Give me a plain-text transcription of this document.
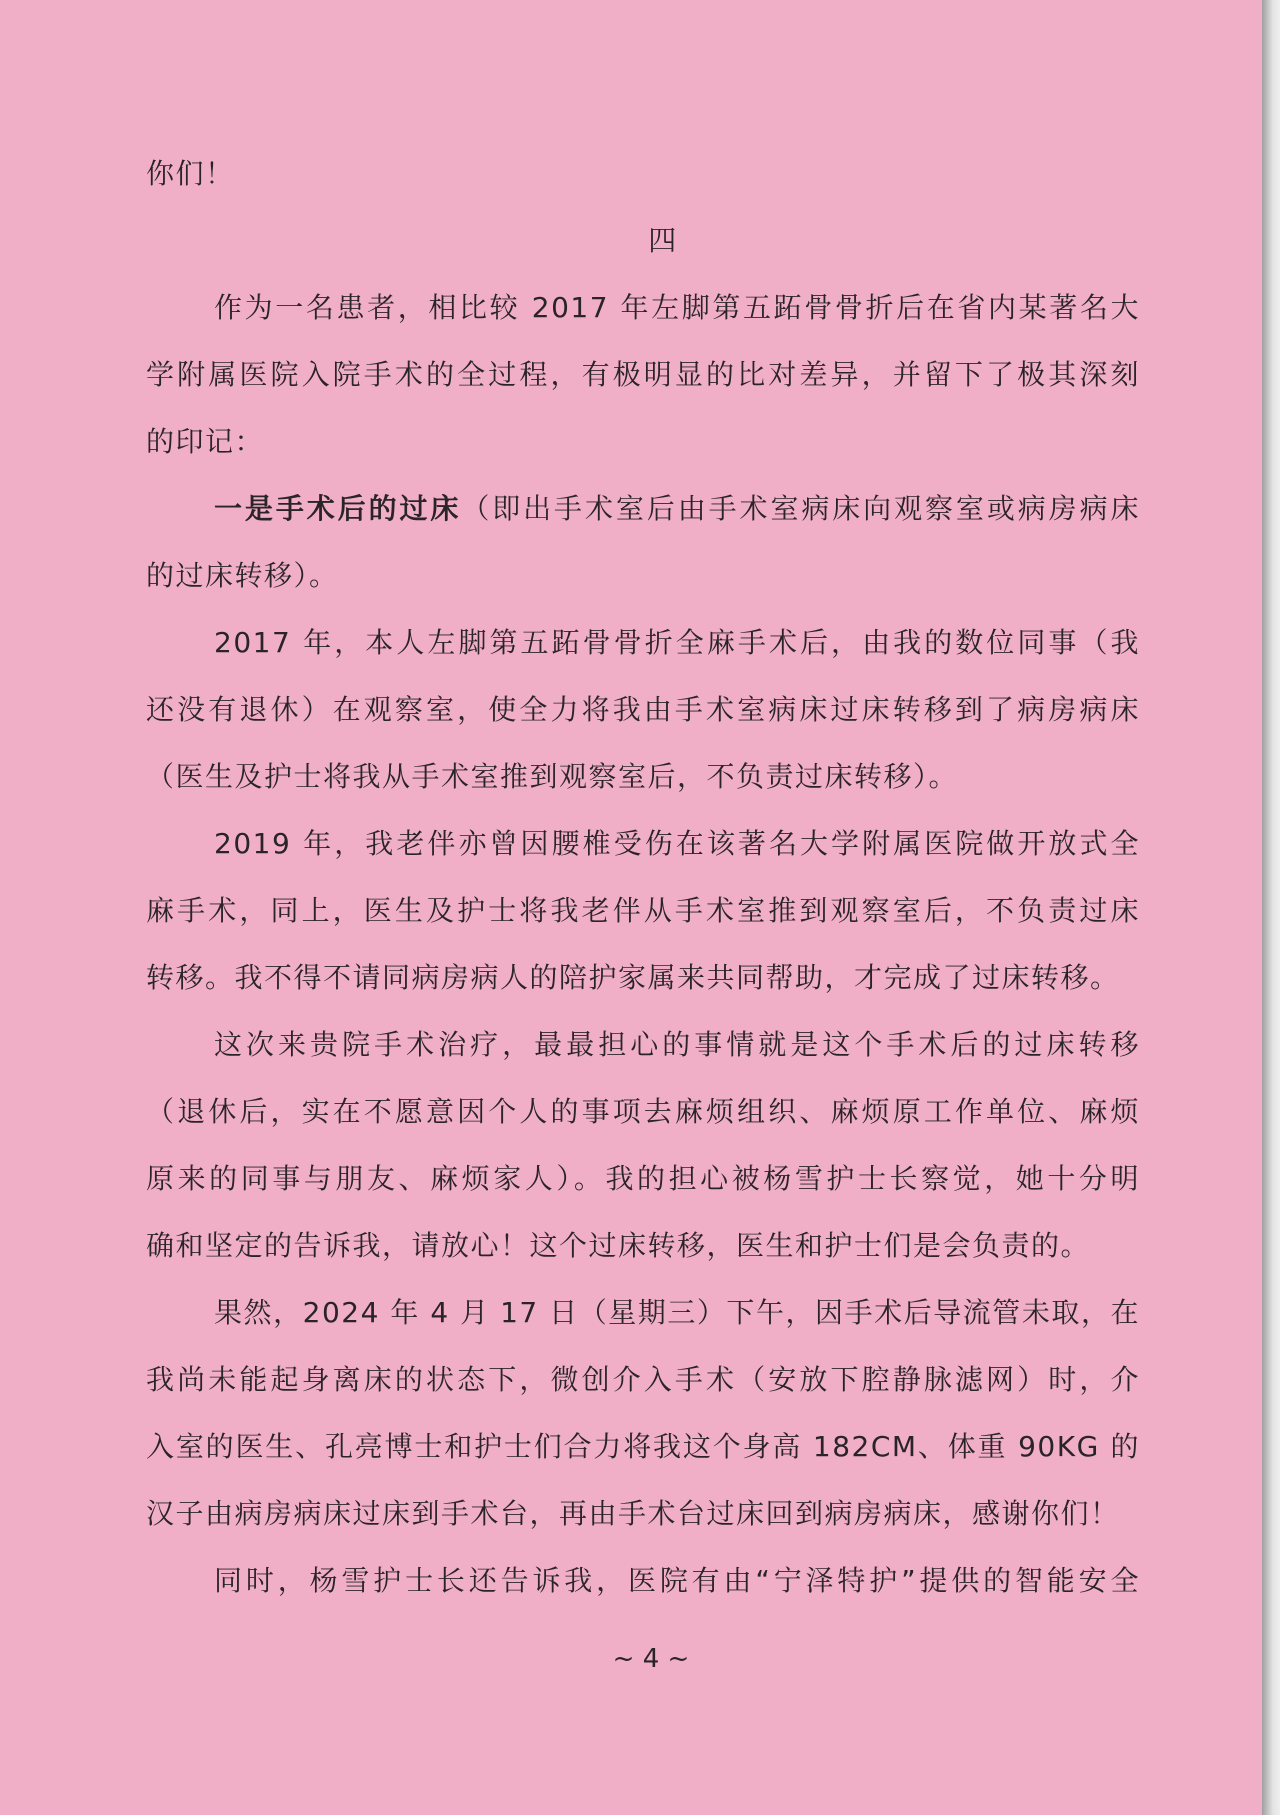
你们！
四
作为一名患者，相比较 2017 年左脚第五跖骨骨折后在省内某著名大
学附属医院入院手术的全过程，有极明显的比对差异，并留下了极其深刻
的印记：
一是手术后的过床（即出手术室后由手术室病床向观察室或病房病床
的过床转移）。
2017 年，本人左脚第五跖骨骨折全麻手术后，由我的数位同事（我
还没有退休）在观察室，使全力将我由手术室病床过床转移到了病房病床
（医生及护士将我从手术室推到观察室后，不负责过床转移）。
2019 年，我老伴亦曾因腰椎受伤在该著名大学附属医院做开放式全
麻手术，同上，医生及护士将我老伴从手术室推到观察室后，不负责过床
转移。我不得不请同病房病人的陪护家属来共同帮助，才完成了过床转移。
这次来贵院手术治疗，最最担心的事情就是这个手术后的过床转移
（退休后，实在不愿意因个人的事项去麻烦组织、麻烦原工作单位、麻烦
原来的同事与朋友、麻烦家人）。我的担心被杨雪护士长察觉，她十分明
确和坚定的告诉我，请放心！这个过床转移，医生和护士们是会负责的。
果然，2024 年 4 月 17 日（星期三）下午，因手术后导流管未取，在
我尚未能起身离床的状态下，微创介入手术（安放下腔静脉滤网）时，介
入室的医生、孔亮博士和护士们合力将我这个身高 182CM、体重 90KG 的
汉子由病房病床过床到手术台，再由手术台过床回到病房病床，感谢你们！
同时，杨雪护士长还告诉我，医院有由“宁泽特护”提供的智能安全
~ 4 ~
